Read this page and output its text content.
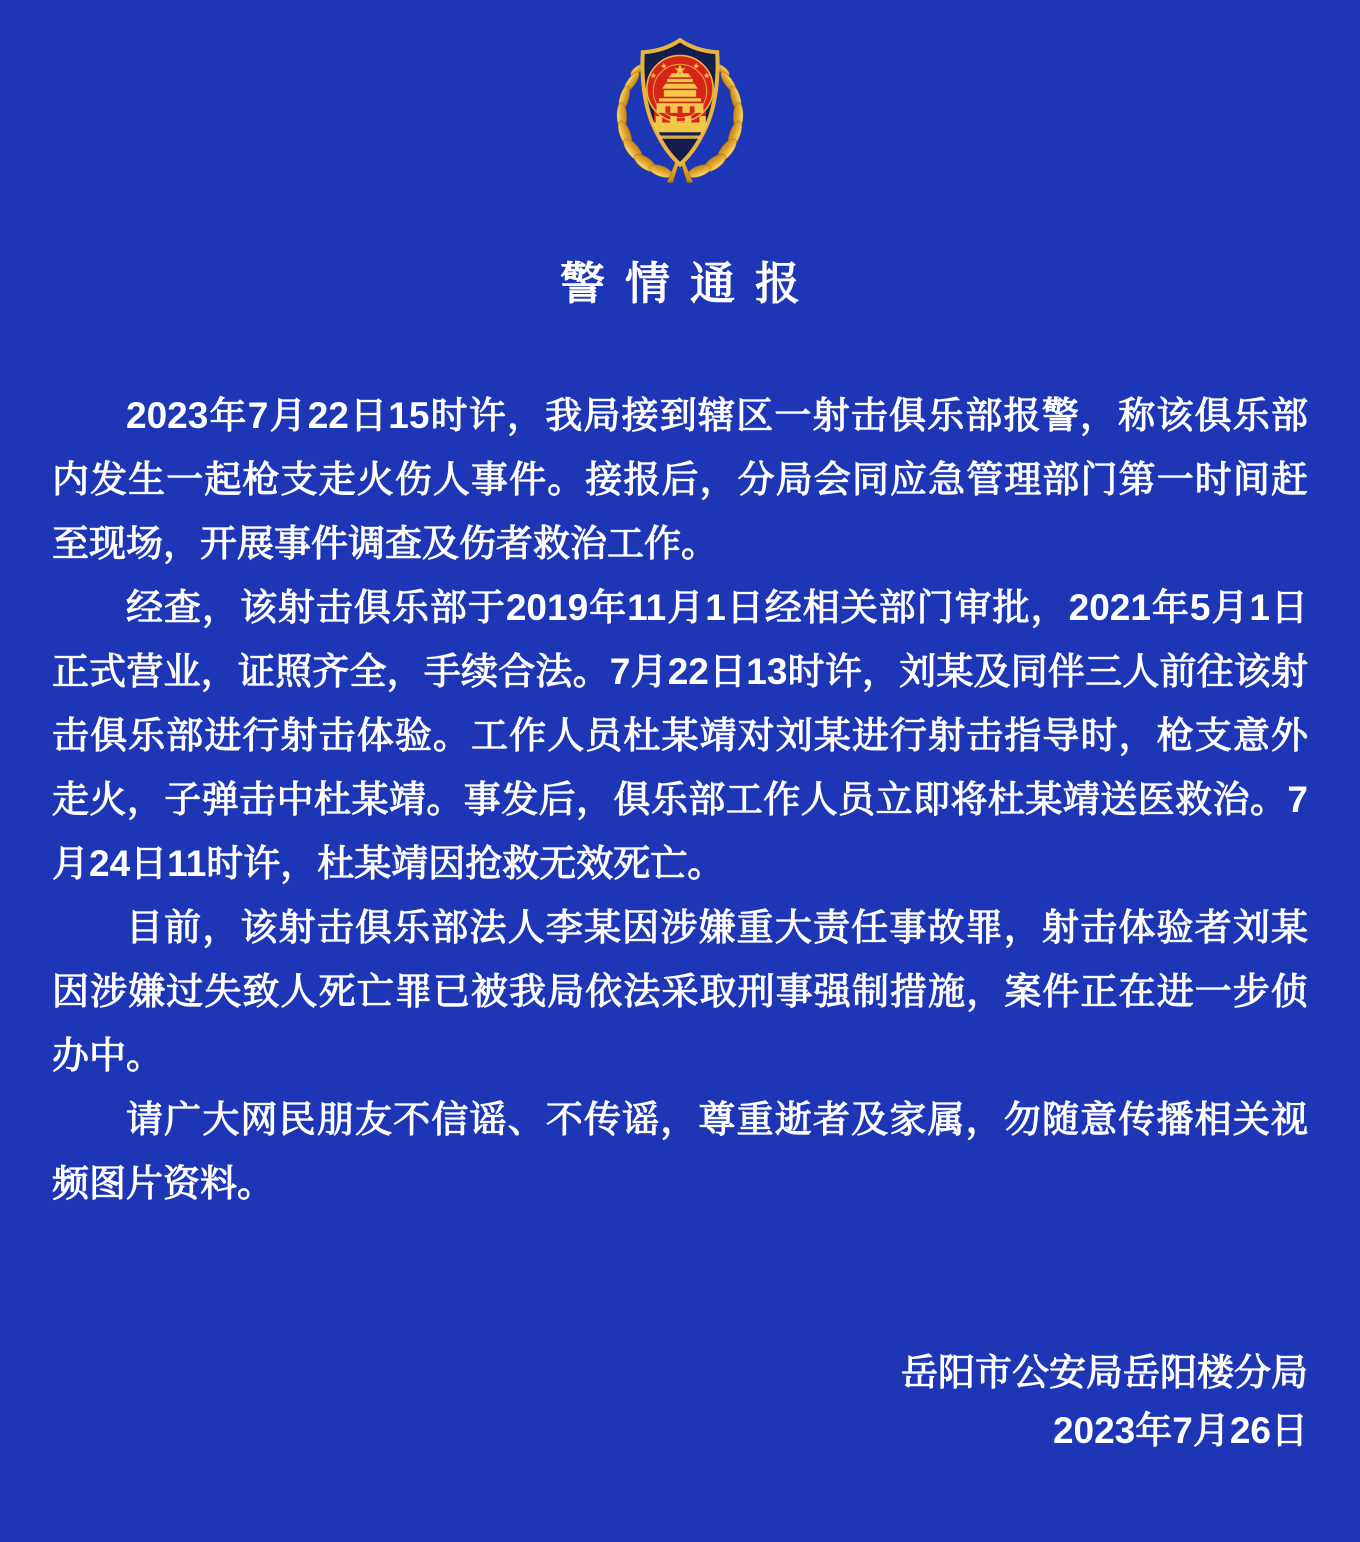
警情通报

2023年7月22日15时许，我局接到辖区一射击俱乐部报警，称该俱乐部内发生一起枪支走火伤人事件。接报后，分局会同应急管理部门第一时间赶至现场，开展事件调查及伤者救治工作。

经查，该射击俱乐部于2019年11月1日经相关部门审批，2021年5月1日正式营业，证照齐全，手续合法。7月22日13时许，刘某及同伴三人前往该射击俱乐部进行射击体验。工作人员杜某靖对刘某进行射击指导时，枪支意外走火，子弹击中杜某靖。事发后，俱乐部工作人员立即将杜某靖送医救治。7月24日11时许，杜某靖因抢救无效死亡。

目前，该射击俱乐部法人李某因涉嫌重大责任事故罪，射击体验者刘某因涉嫌过失致人死亡罪已被我局依法采取刑事强制措施，案件正在进一步侦办中。

请广大网民朋友不信谣、不传谣，尊重逝者及家属，勿随意传播相关视频图片资料。

岳阳市公安局岳阳楼分局
2023年7月26日
